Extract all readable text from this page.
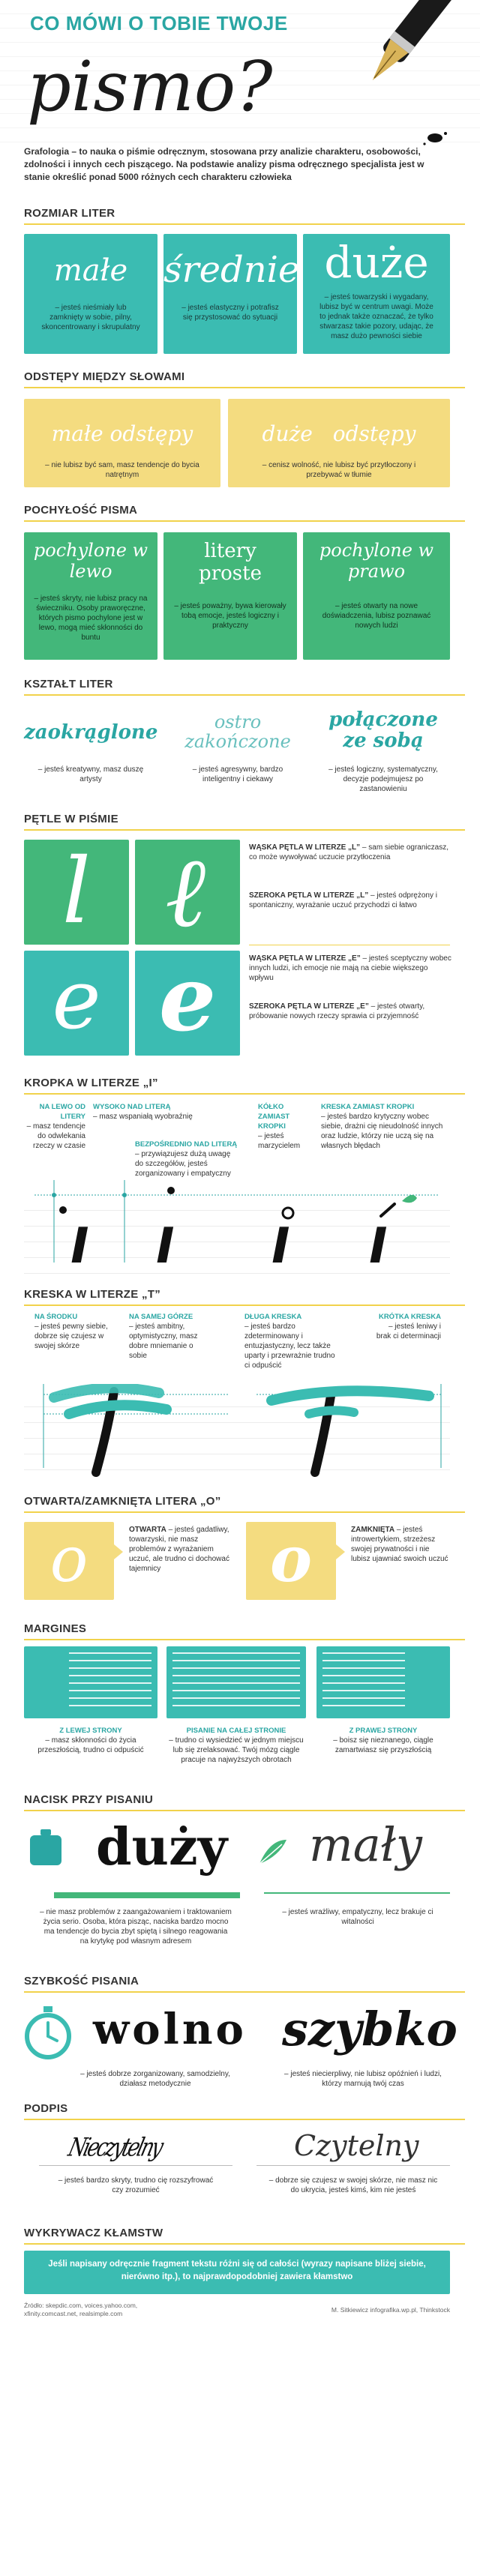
CO MÓWI O TOBIE TWOJE
pismo?
Grafologia – to nauka o piśmie odręcznym, stosowana przy analizie charakteru, osobowości, zdolności i innych cech piszącego. Na podstawie analizy pisma odręcznego specjalista jest w stanie określić ponad 5000 różnych cech charakteru człowieka
ROZMIAR LITER
małe
– jesteś nieśmiały lub zamknięty w sobie, pilny, skoncentrowany i skrupulatny
średnie
– jesteś elastyczny i potrafisz się przystosować do sytuacji
duże
– jesteś towarzyski i wygadany, lubisz być w centrum uwagi. Może to jednak także oznaczać, że tylko stwarzasz takie pozory, udając, że masz dużo pewności siebie
ODSTĘPY MIĘDZY SŁOWAMI
małe odstępy
– nie lubisz być sam, masz tendencje do bycia natrętnym
duże odstępy
– cenisz wolność, nie lubisz być przytłoczony i przebywać w tłumie
POCHYŁOŚĆ PISMA
pochylone w lewo
– jesteś skryty, nie lubisz pracy na świeczniku. Osoby praworęczne, których pismo pochylone jest w lewo, mogą mieć skłonności do buntu
litery proste
– jesteś poważny, bywa kierowały tobą emocje, jesteś logiczny i praktyczny
pochylone w prawo
– jesteś otwarty na nowe doświadczenia, lubisz poznawać nowych ludzi
KSZTAŁT LITER
zaokrąglone
– jesteś kreatywny, masz duszę artysty
ostro zakończone
– jesteś agresywny, bardzo inteligentny i ciekawy
połączone ze sobą
– jesteś logiczny, systematyczny, decyzje podejmujesz po zastanowieniu
PĘTLE W PIŚMIE
l ℓ
e e
WĄSKA PĘTLA W LITERZE „L” – sam siebie ograniczasz, co może wywoływać uczucie przytłoczenia
SZEROKA PĘTLA W LITERZE „L” – jesteś odprężony i spontaniczny, wyrażanie uczuć przychodzi ci łatwo
WĄSKA PĘTLA W LITERZE „E” – jesteś sceptyczny wobec innych ludzi, ich emocje nie mają na ciebie większego wpływu
SZEROKA PĘTLA W LITERZE „E” – jesteś otwarty, próbowanie nowych rzeczy sprawia ci przyjemność
KROPKA W LITERZE „I”
NA LEWO OD LITERY
– masz tendencje do odwlekania rzeczy w czasie
WYSOKO NAD LITERĄ
– masz wspaniałą wyobraźnię
BEZPOŚREDNIO NAD LITERĄ
– przywiązujesz dużą uwagę do szczegółów, jesteś zorganizowany i empatyczny
KÓŁKO ZAMIAST KROPKI
– jesteś marzycielem
KRESKA ZAMIAST KROPKI
– jesteś bardzo krytyczny wobec siebie, drażni cię nieudolność innych oraz ludzie, którzy nie uczą się na własnych błędach
ı ı ı ı
KRESKA W LITERZE „T”
NA ŚRODKU
– jesteś pewny siebie, dobrze się czujesz w swojej skórze
NA SAMEJ GÓRZE
– jesteś ambitny, optymistyczny, masz dobre mniemanie o sobie
DŁUGA KRESKA
– jesteś bardzo zdeterminowany i entuzjastyczny, lecz także uparty i przewrażnie trudno ci odpuścić
KRÓTKA KRESKA
– jesteś leniwy i brak ci determinacji
OTWARTA/ZAMKNIĘTA LITERA „O”
o	OTWARTA – jesteś gadatliwy, towarzyski, nie masz problemów z wyrażaniem uczuć, ale trudno ci dochować tajemnicy	o	ZAMKNIĘTA – jesteś introwertykiem, strzeżesz swojej prywatności i nie lubisz ujawniać swoich uczuć
MARGINES
Z LEWEJ STRONY
– masz skłonności do życia przeszłością, trudno ci odpuścić
PISANIE NA CAŁEJ STRONIE
– trudno ci wysiedzieć w jednym miejscu lub się zrelaksować. Twój mózg ciągle pracuje na najwyższych obrotach
Z PRAWEJ STRONY
– boisz się nieznanego, ciągle zamartwiasz się przyszłością
NACISK PRZY PISANIU
duży
– nie masz problemów z zaangażowaniem i traktowaniem życia serio. Osoba, która pisząc, naciska bardzo mocno ma tendencje do bycia zbyt spiętą i silnego reagowania na krytykę pod własnym adresem
mały
– jesteś wrażliwy, empatyczny, lecz brakuje ci witalności
SZYBKOŚĆ PISANIA
wolno
– jesteś dobrze zorganizowany, samodzielny, działasz metodycznie
szybko
– jesteś niecierpliwy, nie lubisz opóźnień i ludzi, którzy marnują twój czas
PODPIS
Nieczytelny
– jesteś bardzo skryty, trudno cię rozszyfrować czy zrozumieć
Czytelny
– dobrze się czujesz w swojej skórze, nie masz nic do ukrycia, jesteś kimś, kim nie jesteś
WYKRYWACZ KŁAMSTW
Jeśli napisany odręcznie fragment tekstu różni się od całości (wyrazy napisane bliżej siebie, nierówno itp.), to najprawdopodobniej zawiera kłamstwo
Źródło: skepdic.com, voices.yahoo.com, xfinity.comcast.net, realsimple.com	M. Sitkiewicz infografika.wp.pl, Thinkstock
